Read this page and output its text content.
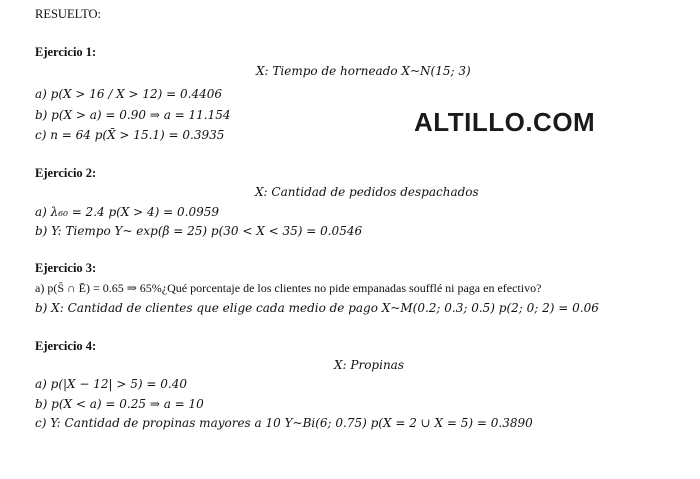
RESUELTO:
ALTILLO.COM
Ejercicio 1:
X: Tiempo de horneado X~N(15; 3)
a) p(X > 16 / X > 12) = 0.4406
b) p(X > a) = 0.90 ⇒ a = 11.154
c) n = 64 p(X̄ > 15.1) = 0.3935
Ejercicio 2:
X: Cantidad de pedidos despachados
a) λ₆₀ = 2.4 p(X > 4) = 0.0959
b) Y: Tiempo Y~ exp(β = 25) p(30 < X < 35) = 0.0546
Ejercicio 3:
a) p(S̄ ∩ Ē) = 0.65 ⇒ 65%¿Qué porcentaje de los clientes no pide empanadas soufflé ni paga en efectivo?
b) X: Cantidad de clientes que elige cada medio de pago X~M(0.2; 0.3; 0.5) p(2; 0; 2) = 0.06
Ejercicio 4:
X: Propinas
a) p(|X − 12| > 5) = 0.40
b) p(X < a) = 0.25 ⇒ a = 10
c) Y: Cantidad de propinas mayores a 10 Y~Bi(6; 0.75) p(X = 2 ∪ X = 5) = 0.3890
